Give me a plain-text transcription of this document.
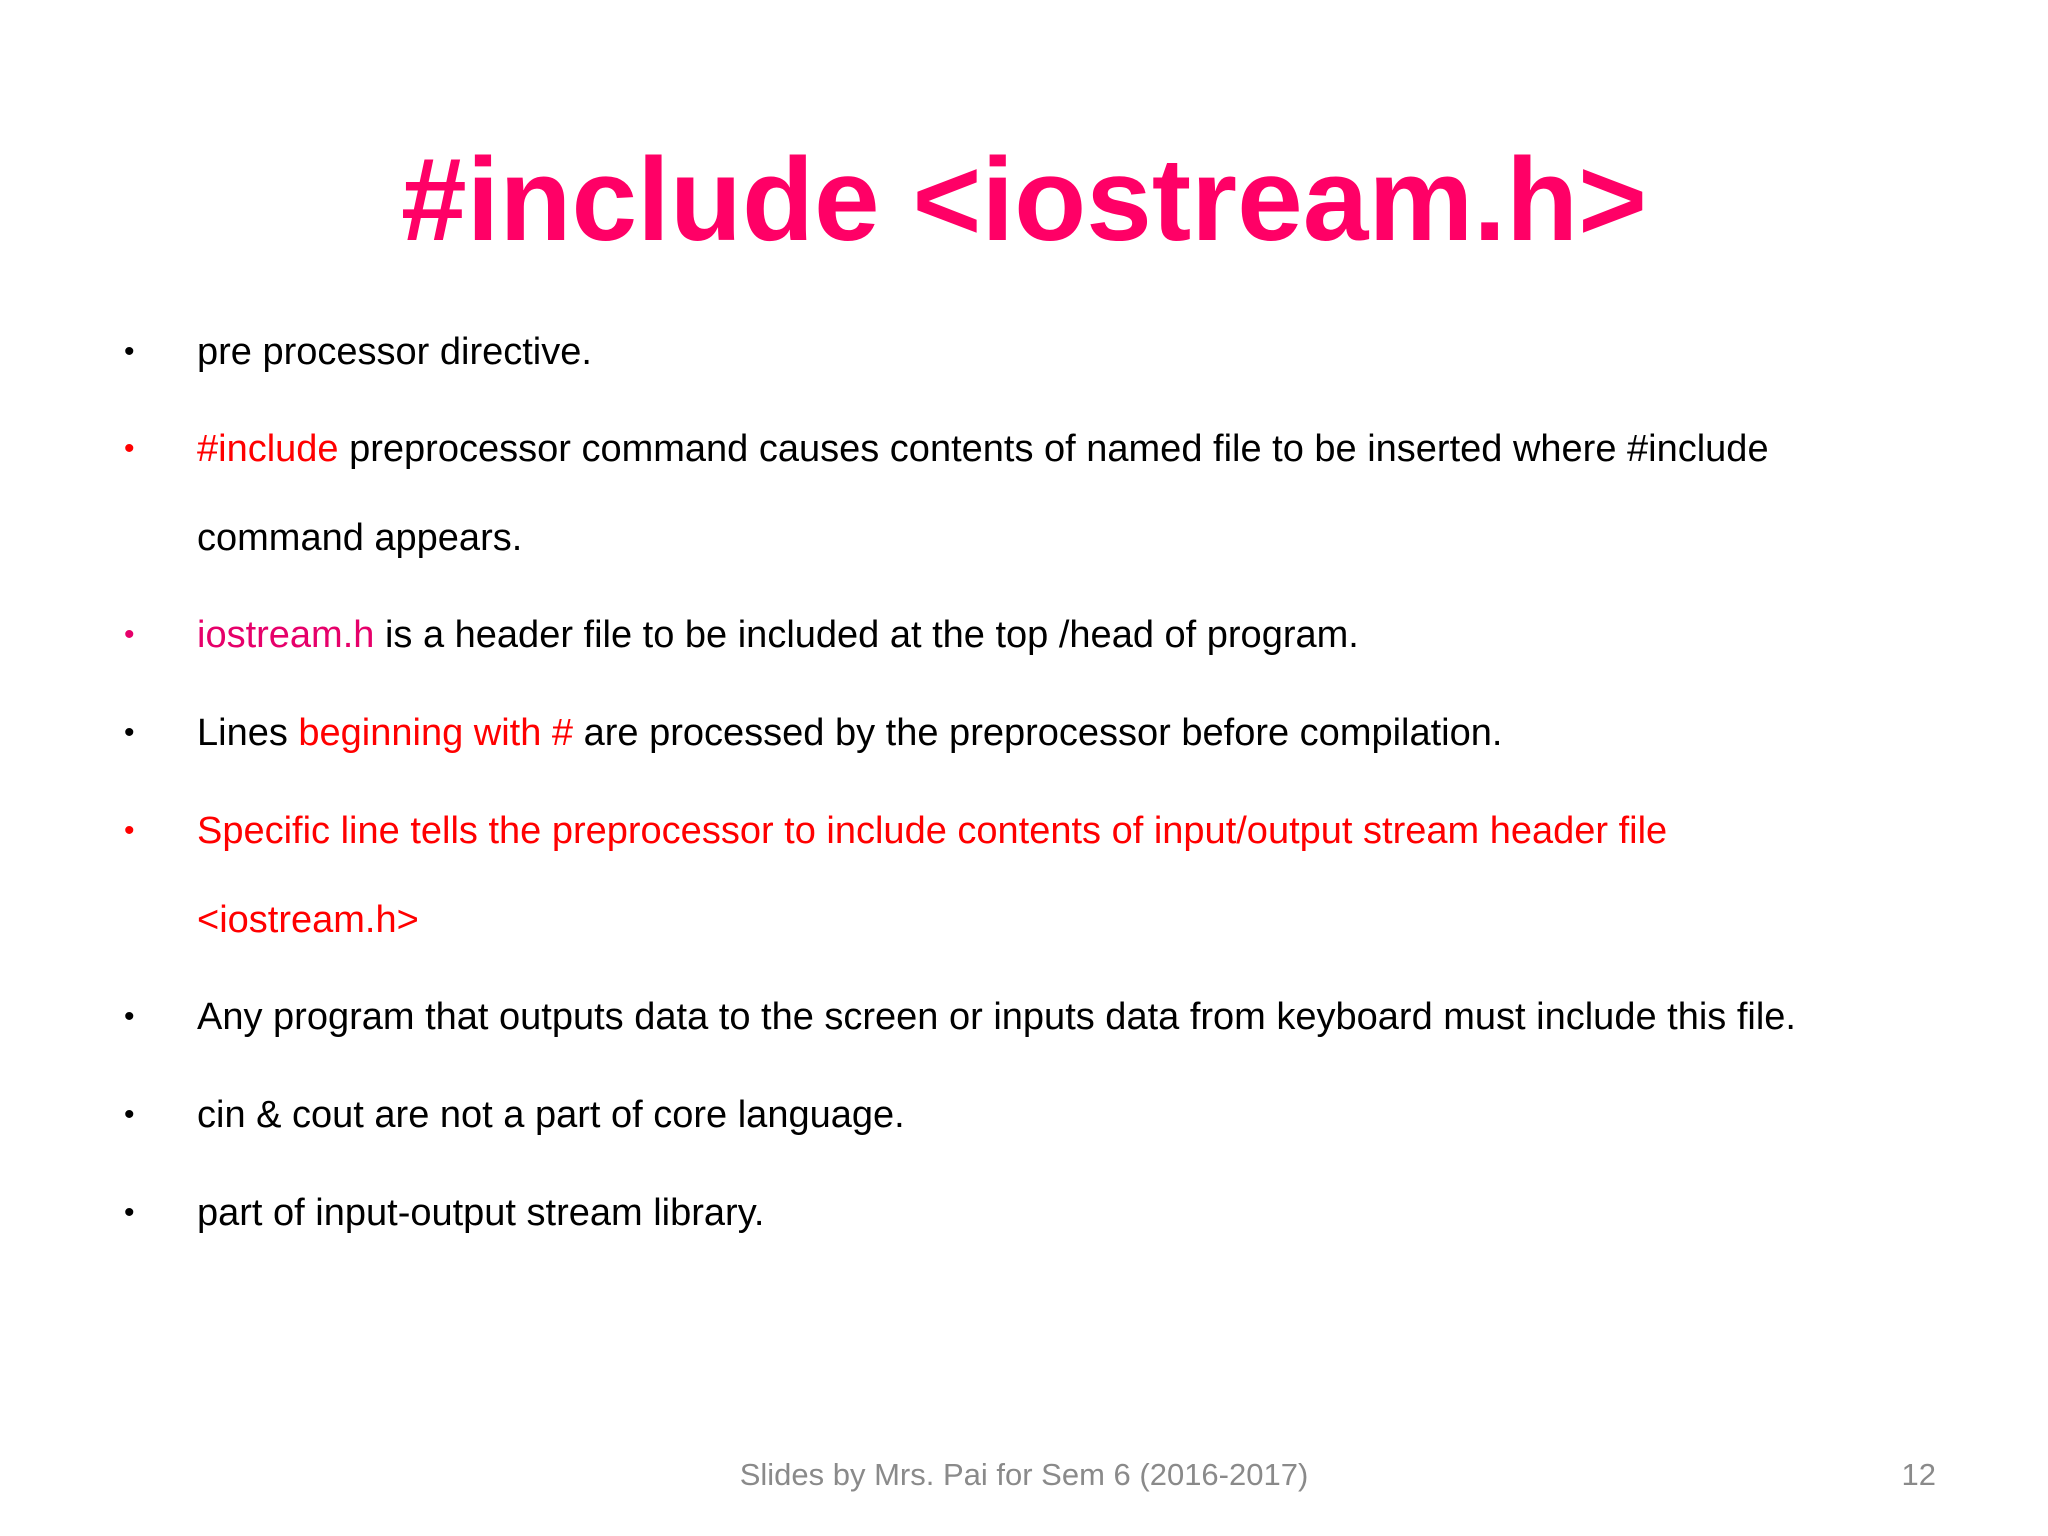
#include <iostream.h>
• pre processor directive.
• #include preprocessor command causes contents of named file to be inserted where #include
command appears.
• iostream.h is a header file to be included at the top /head of program.
• Lines beginning with # are processed by the preprocessor before compilation.
• Specific line tells the preprocessor to include contents of input/output stream header file
<iostream.h>
• Any program that outputs data to the screen or inputs data from keyboard must include this file.
• cin & cout are not a part of core language.
• part of input-output stream library.
Slides by Mrs. Pai for Sem 6 (2016-2017)	12
